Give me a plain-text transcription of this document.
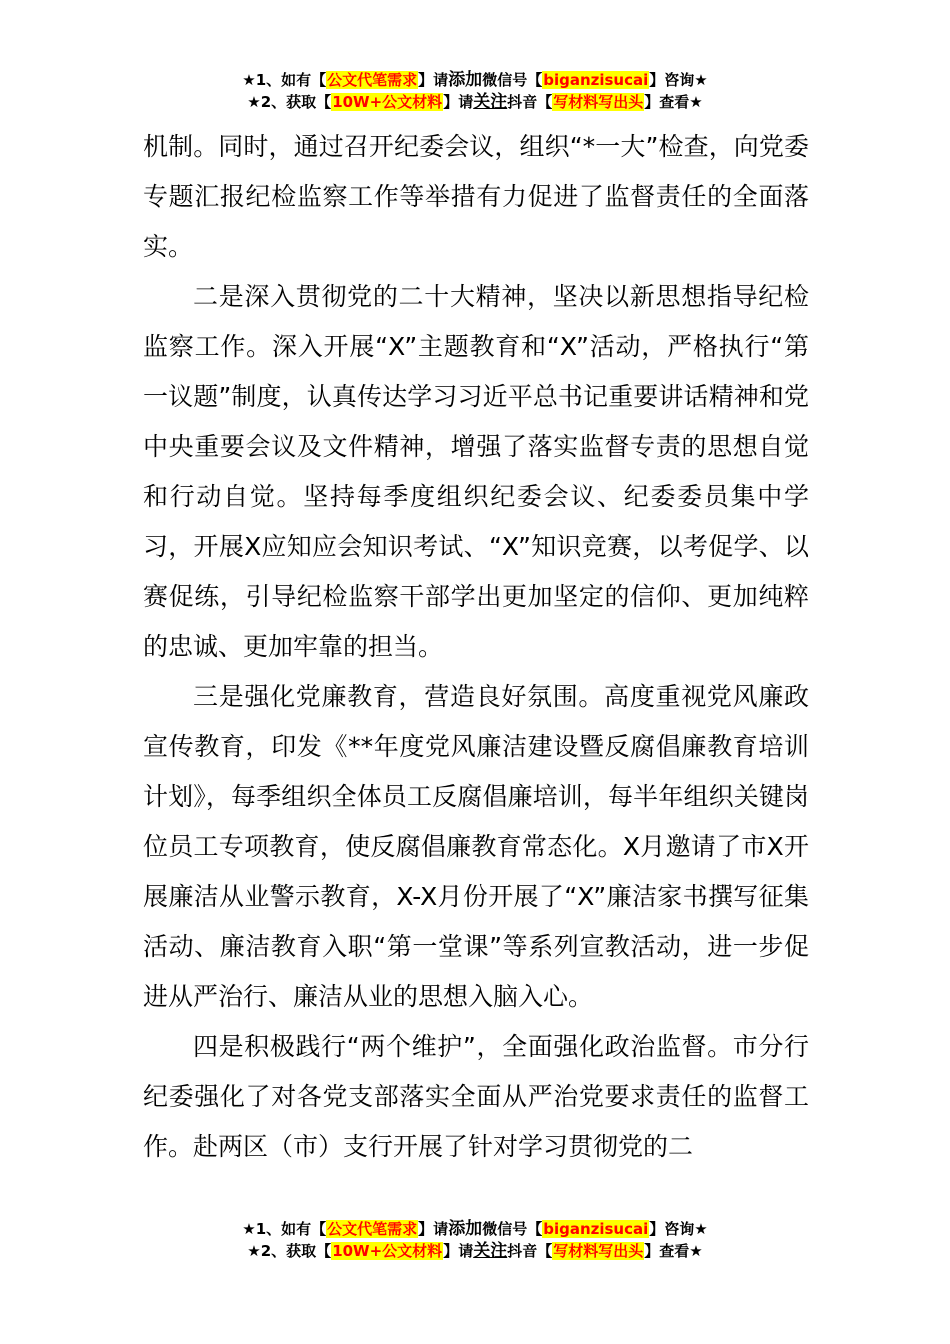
★1、如有【公文代笔需求】请添加微信号【biganzisucai】咨询★
★2、获取【10W+公文材料】请关注抖音【写材料写出头】查看★

机制。同时，通过召开纪委会议，组织“*一大”检查，向党委专题汇报纪检监察工作等举措有力促进了监督责任的全面落实。

二是深入贯彻党的二十大精神，坚决以新思想指导纪检监察工作。深入开展“X”主题教育和“X”活动，严格执行“第一议题”制度，认真传达学习习近平总书记重要讲话精神和党中央重要会议及文件精神，增强了落实监督专责的思想自觉和行动自觉。坚持每季度组织纪委会议、纪委委员集中学习，开展X应知应会知识考试、“X”知识竞赛，以考促学、以赛促练，引导纪检监察干部学出更加坚定的信仰、更加纯粹的忠诚、更加牢靠的担当。

三是强化党廉教育，营造良好氛围。高度重视党风廉政宣传教育，印发《**年度党风廉洁建设暨反腐倡廉教育培训计划》，每季组织全体员工反腐倡廉培训，每半年组织关键岗位员工专项教育，使反腐倡廉教育常态化。X月邀请了市X开展廉洁从业警示教育，X-X月份开展了“X”廉洁家书撰写征集活动、廉洁教育入职“第一堂课”等系列宣教活动，进一步促进从严治行、廉洁从业的思想入脑入心。

四是积极践行“两个维护”，全面强化政治监督。市分行纪委强化了对各党支部落实全面从严治党要求责任的监督工作。赴两区（市）支行开展了针对学习贯彻党的二

★1、如有【公文代笔需求】请添加微信号【biganzisucai】咨询★
★2、获取【10W+公文材料】请关注抖音【写材料写出头】查看★
